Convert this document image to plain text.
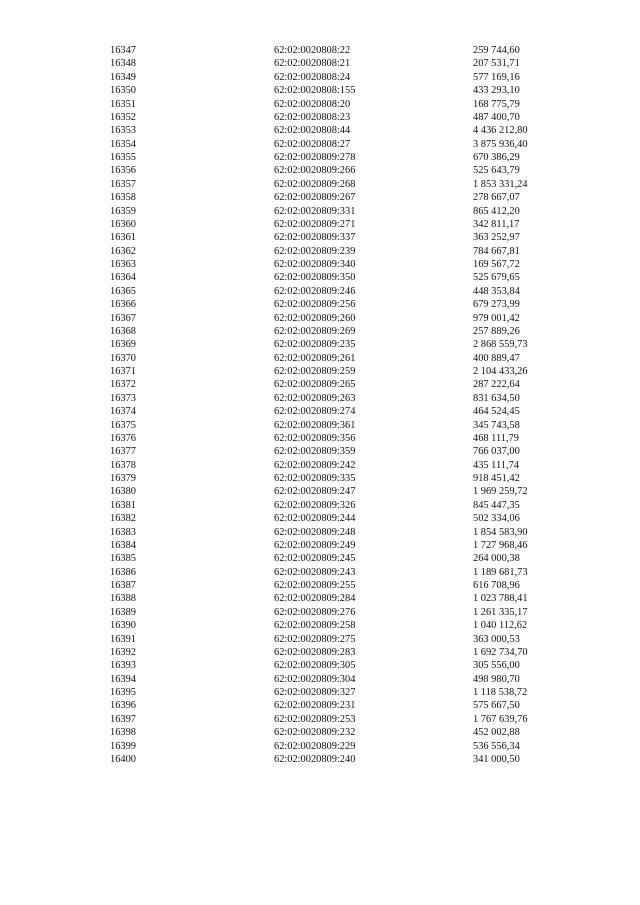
16347	62:02:0020808:22	259 744,60
16348	62:02:0020808:21	207 531,71
16349	62:02:0020808:24	577 169,16
16350	62:02:0020808:155	433 293,10
16351	62:02:0020808:20	168 775,79
16352	62:02:0020808:23	487 400,70
16353	62:02:0020808:44	4 436 212,80
16354	62:02:0020808:27	3 875 936,40
16355	62:02:0020809:278	670 386,29
16356	62:02:0020809:266	525 643,79
16357	62:02:0020809:268	1 853 331,24
16358	62:02:0020809:267	278 667,07
16359	62:02:0020809:331	865 412,20
16360	62:02:0020809:271	342 811,17
16361	62:02:0020809:337	363 252,97
16362	62:02:0020809:239	784 667,81
16363	62:02:0020809:340	169 567,72
16364	62:02:0020809:350	525 679,65
16365	62:02:0020809:246	448 353,84
16366	62:02:0020809:256	679 273,99
16367	62:02:0020809:260	979 001,42
16368	62:02:0020809:269	257 889,26
16369	62:02:0020809:235	2 868 559,73
16370	62:02:0020809:261	400 889,47
16371	62:02:0020809:259	2 104 433,26
16372	62:02:0020809:265	287 222,64
16373	62:02:0020809:263	831 634,50
16374	62:02:0020809:274	464 524,45
16375	62:02:0020809:361	345 743,58
16376	62:02:0020809:356	468 111,79
16377	62:02:0020809:359	766 037,00
16378	62:02:0020809:242	435 111,74
16379	62:02:0020809:335	918 451,42
16380	62:02:0020809:247	1 969 259,72
16381	62:02:0020809:326	845 447,35
16382	62:02:0020809:244	502 334,06
16383	62:02:0020809:248	1 854 583,90
16384	62:02:0020809:249	1 727 968,46
16385	62:02:0020809:245	264 000,38
16386	62:02:0020809:243	1 189 681,73
16387	62:02:0020809:255	616 708,96
16388	62:02:0020809:284	1 023 788,41
16389	62:02:0020809:276	1 261 335,17
16390	62:02:0020809:258	1 040 112,62
16391	62:02:0020809:275	363 000,53
16392	62:02:0020809:283	1 692 734,70
16393	62:02:0020809:305	305 556,00
16394	62:02:0020809:304	498 980,70
16395	62:02:0020809:327	1 118 538,72
16396	62:02:0020809:231	575 667,50
16397	62:02:0020809:253	1 767 639,76
16398	62:02:0020809:232	452 002,88
16399	62:02:0020809:229	536 556,34
16400	62:02:0020809:240	341 000,50
